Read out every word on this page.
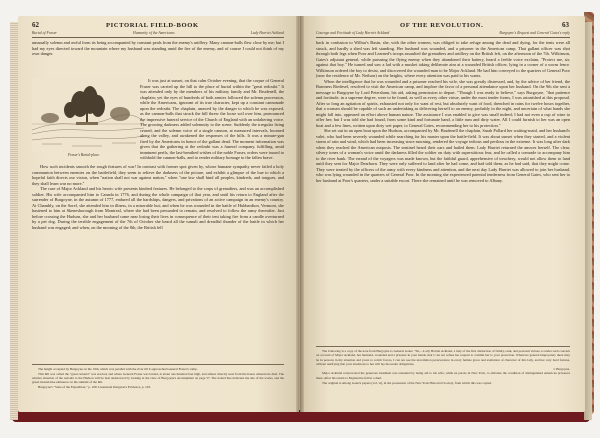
62	PICTORIAL FIELD-BOOK
Burial of Fraser	Lady Harriet Ackland
Humanity of the Americans

unusually solemn and awful from its being accompanied by constant peals from the enemy's artillery. Many cannon-balls flew close by me; but I had my eyes directed toward the mountain where my husband was standing amid the fire of the enemy, and of course I could not think of my own danger.

Fraser's Burial-place.

It was just at sunset, on that calm October evening, that the corpse of General Fraser was carried up the hill to the place of burial within the "great redoubt." It was attended only by the members of his military family and Mr. Brudenell, the chaplain; yet the eyes of hundreds of both armies followed the solemn procession, while the Americans, ignorant of its true character, kept up a constant cannonade upon the redoubt. The chaplain, unawed by the danger to which he was exposed, as the cannon-balls that struck the hill threw the loose soil over him, pronounced the impressive funeral service of the Church of England with an unfaltering voice. The growing darkness added solemnity to the scene. Suddenly the irregular firing ceased, and the solemn voice of a single cannon, at measured intervals, boomed along the valley, and awakened the responses of the hills. It was a minute-gun fired by the Americans in honor of the gallant dead. The moment information was given that the gathering at the redoubt was a funeral company, fulfilling, amid imminent perils, the last-breathed wishes of the noble Fraser, orders were issued to withhold the cannon-balls, and to render military homage to the fallen brave.

How such incidents smooth the rough features of war! In contrast with former spot given by, whose humane sympathy never failed a holy communion between enemies on the battlefield, they seem to relieve the darkness of the picture, and exhibit a glimpse of the hue to which a hopeful faith directs our vision, when "nation shall not war against nation," when "one law shall bind all peoples, kindreds, and tongues, and they shall learn war no more."

The case of Major Ackland and his heroic wife presents kindred features. He belonged to the corps of grenadiers, and was an accomplished soldier. His wife accompanied him to Canada in 1776, and during the whole campaign of that year, and until his return to England after the surrender of Burgoyne, in the autumn of 1777, endured all the hardships, dangers, and privations of an active campaign in an enemy's country. At Chambly, on the Sorel, she attended him in illness, in a miserable hut; and when he was wounded in the battle of Hubbardton, Vermont, she hastened to him at Skenesborough from Montreal, where she had been persuaded to remain, and resolved to follow the army thereafter. Just before crossing the Hudson, she and her husband came near losing their lives in consequence of their tent taking fire from a candle overturned by a pet dog. During the terrible engagement of the 7th of October she heard all the tumult and dreadful thunder of the battle in which her husband was engaged; and when, on the morning of the 8th, the British fell

The height occupied by Burgoyne on the 19th, which was parallel with the river till it approached General Fraser's camp.

This hill was called the "great redoubt" was erected, and where General Fraser was buried, is about one hundred feet high, and almost directly west from the house wherein he died. The relative situation of the redoubt to the Hudson will be best understood by looking at the view of Burgoyne's encampment on page 57. The dotted line indicates the site of the works, and the green mound-like eminence on the summit of the hill.

Burgoyne's "State of the Expedition," p. 169. Lieutenant Kingston's Evidence, p. 103.

OF THE REVOLUTION.	63
Courage and Fortitude of Lady Harriet Ackland	Burgoyne's Request and General Gates's reply

back in confusion to Wilbur's Basin, she, with the other women, was obliged to take refuge among the dead and dying, for the tents were all struck, and hardly a shed was left standing. Her husband was wounded, and a prisoner in the American camp. That gallant officer was shot through both legs when Poor and Learned's troops assaulted the grenadiers and artillery on the British left, on the afternoon of the 7th. Wilkinson, Gates's adjutant general, while pursuing the flying enemy when they abandoned their battery, heard a feeble voice exclaim, "Protect me, sir, against that boy." He turned and saw a lad with a musket taking deliberate aim at a wounded British officer, lying in a corner of a worm fence. Wilkinson ordered the boy to desist, and discovered the wounded man to be Major Ackland. He had him conveyed to the quarters of General Poor (now the residence of Mr. Neilson) on the heights, where every attention was paid to his wants.

When the intelligence that he was wounded and a prisoner reached his wife, she was greatly distressed, and, by the advice of her friend, the Baroness Riedesel, resolved to visit the American camp, and implore the favor of a personal attendance upon her husband. On the 9th she sent a message to Burgoyne by Lord Petersham, his aid, asking permission to depart. "Though I was ready to believe," says Burgoyne, "that patience and fortitude, in a supreme degree, were to be found, as well as every other virtue, under the most tender forms, I was astonished at this proposal. After so long an agitation of spirits, exhausted not only for want of rest, but absolutely want of food, drenched in rains for twelve hours together, that a woman should be capable of such an undertaking as delivering herself to an enemy, probably in the night, and uncertain of what hands she might fall into, appeared an effort above human nature. The assistance I was enabled to give was small indeed; I had not even a cup of wine to offer her; but I was told she had found, from some kind and fortunate hand, a little rum and dirty water. All I could furnish to her was an open boat and a few lines, written upon dirty wet paper, to General Gates, recommending her to his protection."

She set out in an open boat upon the Hudson, accompanied by Mr. Brudenell the chaplain, Sarah Pollard her waiting-maid, and her husband's valet, who had been severely wounded while searching for his master upon the battle-field. It was about sunset when they started, and a violent storm of rain and wind, which had been increasing since morning, rendered the voyage tedious and perilous in the extreme. It was long after dark when they reached the American outposts. The sentinel heard their oars and hailed them. Lady Harriet returned the answer herself. The clear, silvery tones of a woman's voice amid the darkness filled the soldier on duty with superstitious fear, and he called a comrade to accompany him to the river bank. The errand of the voyagers was made known, but the faithful guard, apprehensive of treachery, would not allow them to land until they sent for Major Dearborn. They were only suffered to land after he had come, and had told them, as he had said, that they might come. They were treated by the officers of the army with every kindness and attention, and the next day Lady Harriet was allowed to join her husband, who was lying wounded in the quarters of General Poor. In the morning she experienced parental tenderness from General Gates, who sent her to her husband at Poor's quarters, under a suitable escort. There she remained until he was removed to Albany.

The following is a copy of the note from Burgoyne to General Gates: "Sir,—Lady Harriet Ackland, a lady of the first distinction of family, rank, and personal virtues, is under such concern on account of Major Ackland, her husband, wounded and a prisoner in your hands, that I can not refuse her request to commit her to your protection. Whatever general impropriety there may be in persons in my situation and yours to solicit favors, I can not see the uncommon perseverance in every female grace and exaltation of character of this lady, and her very hard fortune, without testifying that your attentions to her will lay me under obligations.

J. Burgoyne.

Major Ackland reciprocated the generous treatment was extended by being aid to his wife, while en parole in New York, to alleviate the condition of distinguished American prisoners there. After his return to England he fell in a duel.

The original is among Gates's papers (vol. vi), in the possession of the New York Historical Society, from which this was copied.
